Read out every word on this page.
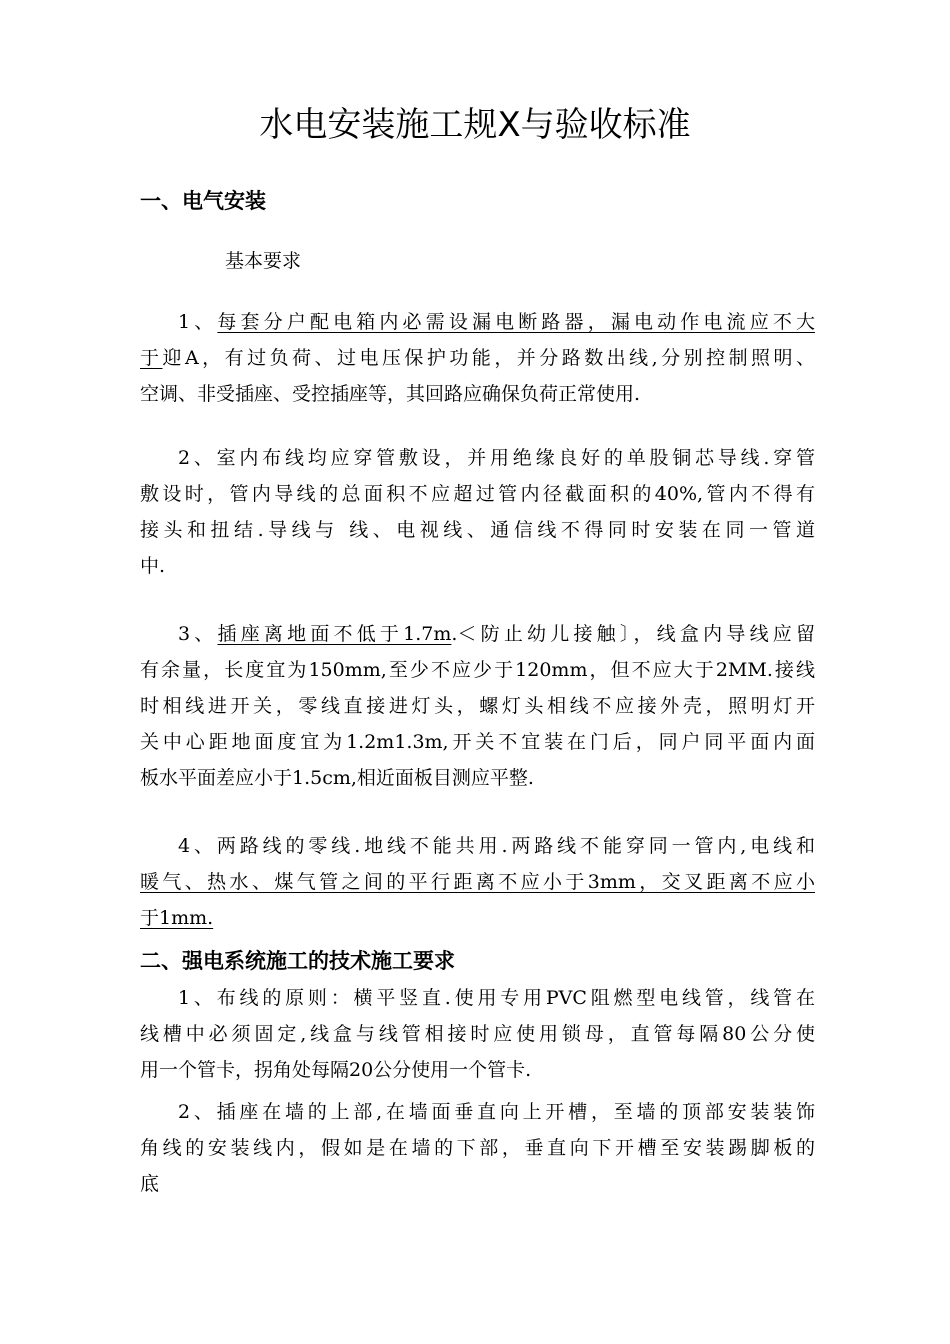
水电安装施工规X与验收标准
一、电气安装
基本要求
1、每套分户配电箱内必需设漏电断路器，漏电动作电流应不大
于迎A，有过负荷、过电压保护功能，并分路数出线,分别控制照明、
空调、非受插座、受控插座等，其回路应确保负荷正常使用.
2、室内布线均应穿管敷设，并用绝缘良好的单股铜芯导线.穿管
敷设时，管内导线的总面积不应超过管内径截面积的40%,管内不得有
接头和扭结.导线与 线、电视线、通信线不得同时安装在同一管道
中.
3、插座离地面不低于1.7m.＜防止幼儿接触〕，线盒内导线应留
有余量，长度宜为150mm,至少不应少于120mm，但不应大于2MM.接线
时相线进开关，零线直接进灯头，螺灯头相线不应接外壳，照明灯开
关中心距地面度宜为1.2m1.3m,开关不宜装在门后，同户同平面内面
板水平面差应小于1.5cm,相近面板目测应平整.
4、两路线的零线.地线不能共用.两路线不能穿同一管内,电线和
暖气、热水、煤气管之间的平行距离不应小于3mm，交叉距离不应小
于1mm.
二、强电系统施工的技术施工要求
1、布线的原则：横平竖直.使用专用PVC阻燃型电线管，线管在
线槽中必须固定,线盒与线管相接时应使用锁母，直管每隔80公分使
用一个管卡，拐角处每隔20公分使用一个管卡.
2、插座在墙的上部,在墙面垂直向上开槽，至墙的顶部安装装饰
角线的安装线内，假如是在墙的下部，垂直向下开槽至安装踢脚板的
底
